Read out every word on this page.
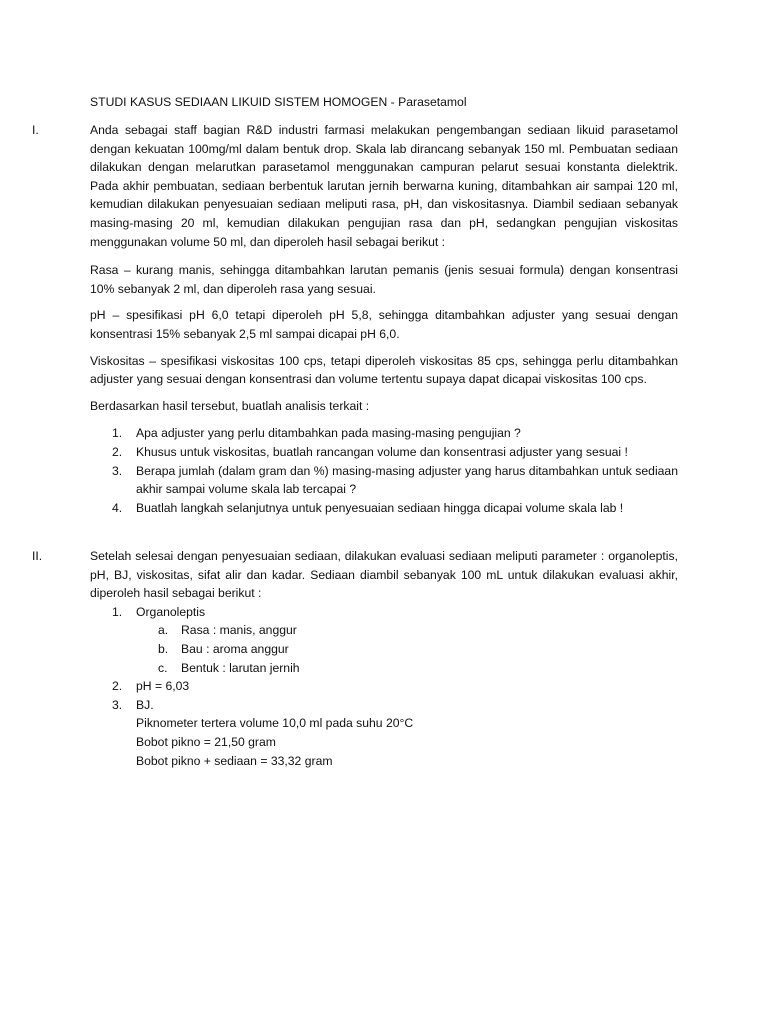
STUDI KASUS SEDIAAN LIKUID SISTEM HOMOGEN - Parasetamol
I.	Anda sebagai staff bagian R&D industri farmasi melakukan pengembangan sediaan likuid parasetamol dengan kekuatan 100mg/ml dalam bentuk drop. Skala lab dirancang sebanyak 150 ml. Pembuatan sediaan dilakukan dengan melarutkan parasetamol menggunakan campuran pelarut sesuai konstanta dielektrik. Pada akhir pembuatan, sediaan berbentuk larutan jernih berwarna kuning, ditambahkan air sampai 120 ml, kemudian dilakukan penyesuaian sediaan meliputi rasa, pH, dan viskositasnya. Diambil sediaan sebanyak masing-masing 20 ml, kemudian dilakukan pengujian rasa dan pH, sedangkan pengujian viskositas menggunakan volume 50 ml, dan diperoleh hasil sebagai berikut :

Rasa – kurang manis, sehingga ditambahkan larutan pemanis (jenis sesuai formula) dengan konsentrasi 10% sebanyak 2 ml, dan diperoleh rasa yang sesuai.

pH – spesifikasi pH 6,0 tetapi diperoleh pH 5,8, sehingga ditambahkan adjuster yang sesuai dengan konsentrasi 15% sebanyak 2,5 ml sampai dicapai pH 6,0.

Viskositas – spesifikasi viskositas 100 cps, tetapi diperoleh viskositas 85 cps, sehingga perlu ditambahkan adjuster yang sesuai dengan konsentrasi dan volume tertentu supaya dapat dicapai viskositas 100 cps.

Berdasarkan hasil tersebut, buatlah analisis terkait :

1. Apa adjuster yang perlu ditambahkan pada masing-masing pengujian ?
2. Khusus untuk viskositas, buatlah rancangan volume dan konsentrasi adjuster yang sesuai !
3. Berapa jumlah (dalam gram dan %) masing-masing adjuster yang harus ditambahkan untuk sediaan akhir sampai volume skala lab tercapai ?
4. Buatlah langkah selanjutnya untuk penyesuaian sediaan hingga dicapai volume skala lab !
II.	Setelah selesai dengan penyesuaian sediaan, dilakukan evaluasi sediaan meliputi parameter : organoleptis, pH, BJ, viskositas, sifat alir dan kadar. Sediaan diambil sebanyak 100 mL untuk dilakukan evaluasi akhir, diperoleh hasil sebagai berikut :

1. Organoleptis
a. Rasa : manis, anggur
b. Bau : aroma anggur
c. Bentuk : larutan jernih
2. pH = 6,03
3. BJ.
Piknometer tertera volume 10,0 ml pada suhu 20°C
Bobot pikno = 21,50 gram
Bobot pikno + sediaan = 33,32 gram
